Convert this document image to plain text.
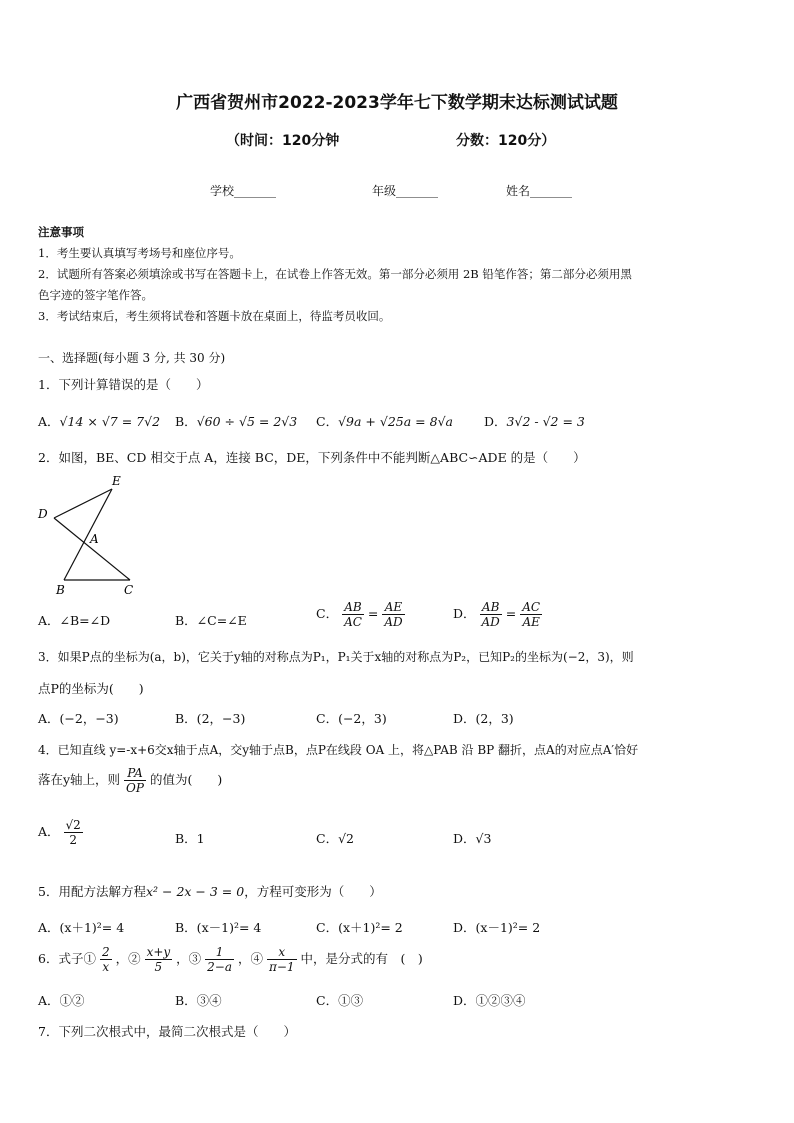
广西省贺州市2022-2023学年七下数学期末达标测试试题
（时间：120分钟	分数：120分）
学校_______	年级_______	姓名_______
注意事项
1．考生要认真填写考场号和座位序号。
2．试题所有答案必须填涂或书写在答题卡上，在试卷上作答无效。第一部分必须用 2B 铅笔作答；第二部分必须用黑
色字迹的签字笔作答。
3．考试结束后，考生须将试卷和答题卡放在桌面上，待监考员收回。
一、选择题(每小题 3 分, 共 30 分)
1．下列计算错误的是（　　）
A．√14 × √7 = 7√2 B．√60 ÷ √5 = 2√3 C．√9a + √25a = 8√a D．3√2 - √2 = 3
2．如图，BE、CD 相交于点 A，连接 BC，DE，下列条件中不能判断△ABC∽ADE 的是（　　）
D
E
A
B	C
A．∠B=∠D	B．∠C=∠E	C． $\frac{AB}{AC} = \frac{AE}{AD}$	D． $\frac{AB}{AD} = \frac{AC}{AE}$
3．如果P点的坐标为(a，b)，它关于y轴的对称点为P₁，P₁关于x轴的对称点为P₂，已知P₂的坐标为(−2，3)，则
点P的坐标为(　　)
A．(−2，−3)	B．(2，−3)	C．(−2，3)	D．(2，3)
4．已知直线 y=-x+6交x轴于点A，交y轴于点B，点P在线段 OA 上，将△PAB 沿 BP 翻折，点A的对应点A′恰好
落在y轴上，则 $\frac{PA}{OP}$ 的值为(　　)
A． $\frac{√2}{2}$	B．1	C．√2	D．√3
5．用配方法解方程x² − 2x − 3 = 0，方程可变形为（　　）
A．(x＋1)²= 4	B．(x－1)²= 4	C．(x＋1)²= 2	D．(x－1)²= 2
6．式子① $\frac{2}{x}$ ，② $\frac{x+y}{5}$ ，③ $\frac{1}{2-a}$ ，④ $\frac{x}{\pi-1}$ 中，是分式的有　(　)
A．①②	B．③④	C．①③	D．①②③④
7．下列二次根式中，最简二次根式是（　　）
